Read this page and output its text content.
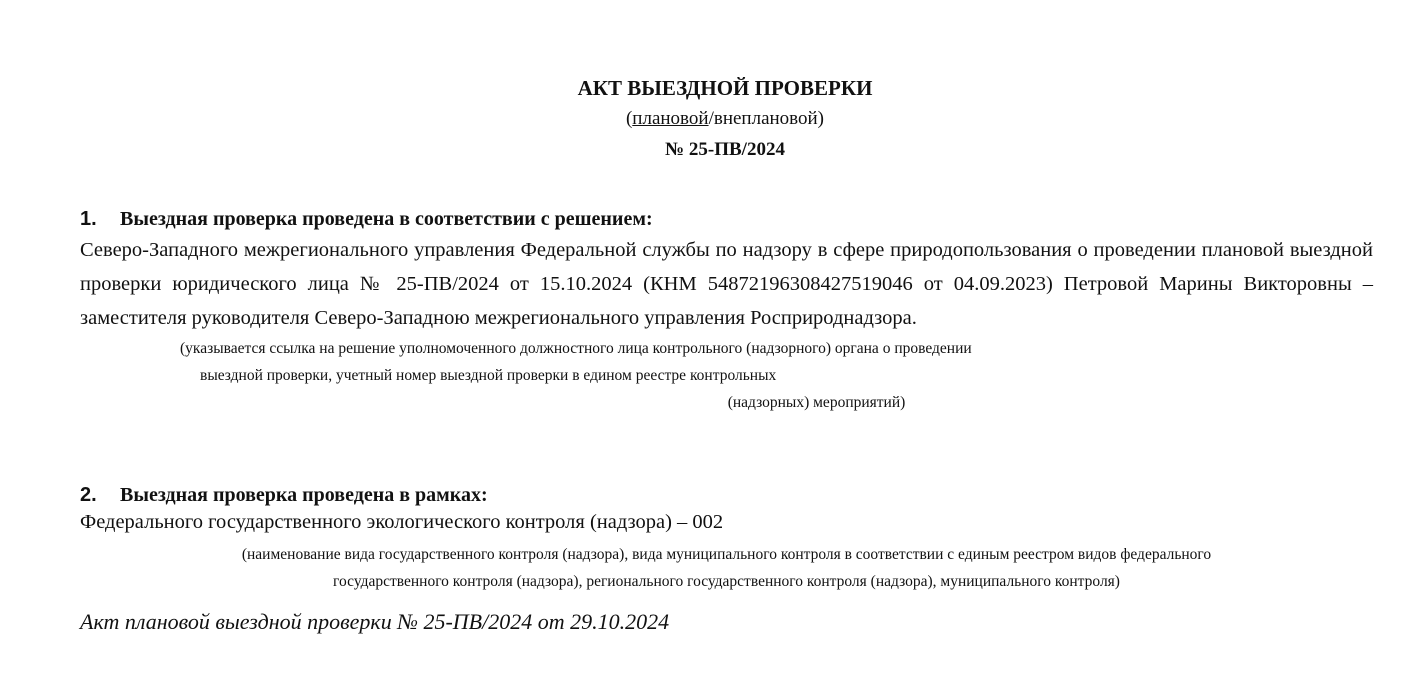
АКТ ВЫЕЗДНОЙ ПРОВЕРКИ
(плановой/внеплановой)
№ 25-ПВ/2024
1. Выездная проверка проведена в соответствии с решением:
Северо-Западного межрегионального управления Федеральной службы по надзору в сфере природопользования о проведении плановой выездной проверки юридического лица № 25-ПВ/2024 от 15.10.2024 (КНМ 54872196308427519046 от 04.09.2023) Петровой Марины Викторовны – заместителя руководителя Северо-Западною межрегионального управления Росприроднадзора.
(указывается ссылка на решение уполномоченного должностного лица контрольного (надзорного) органа о проведении
выездной проверки, учетный номер выездной проверки в едином реестре контрольных
(надзорных) мероприятий)
2. Выездная проверка проведена в рамках:
Федерального государственного экологического контроля (надзора) – 002
(наименование вида государственного контроля (надзора), вида муниципального контроля в соответствии с единым реестром видов федерального
государственного контроля (надзора), регионального государственного контроля (надзора), муниципального контроля)
Акт плановой выездной проверки № 25-ПВ/2024 от 29.10.2024
